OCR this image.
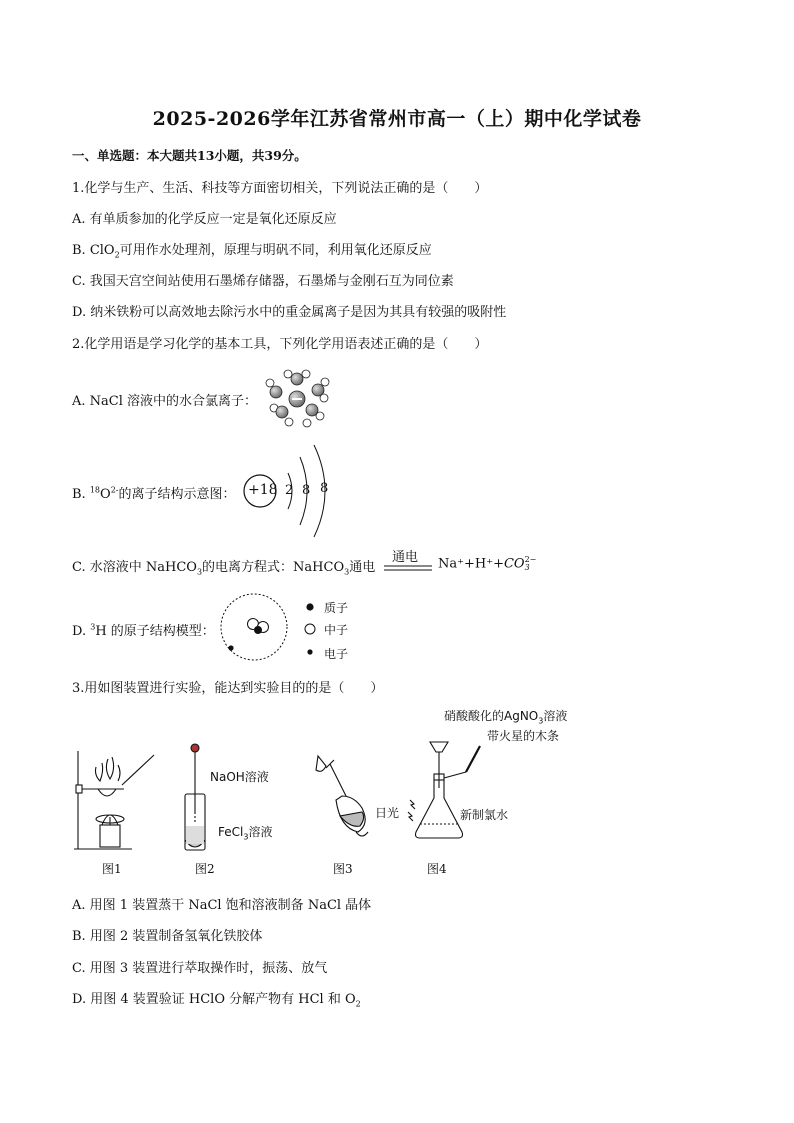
2025-2026学年江苏省常州市高一（上）期中化学试卷
一、单选题：本大题共13小题，共39分。
1.化学与生产、生活、科技等方面密切相关，下列说法正确的是（　　）
A. 有单质参加的化学反应一定是氧化还原反应
B. ClO$_2$可用作水处理剂，原理与明矾不同，利用氧化还原反应
C. 我国天宫空间站使用石墨烯存储器，石墨烯与金刚石互为同位素
D. 纳米铁粉可以高效地去除污水中的重金属离子是因为其具有较强的吸附性
2.化学用语是学习化学的基本工具，下列化学用语表述正确的是（　　）
A. NaCl 溶液中的水合氯离子：
B. $^{18}O^{2-}$的离子结构示意图： +18 2 8 8
C. 水溶液中 NaHCO$_3$的电离方程式：NaHCO$_3$通电
通电 Na⁺+H⁺+CO 2−
3
D. $^3$H 的原子结构模型：
质子
中子
电子
3.用如图装置进行实验，能达到实验目的的是（　　）
图1
NaOH溶液
FeCl$_3$溶液
图2	图3
硝酸酸化的AgNO$_3$溶液
带火星的木条
日光	新制氯水
图4
A. 用图 1 装置蒸干 NaCl 饱和溶液制备 NaCl 晶体
B. 用图 2 装置制备氢氧化铁胶体
C. 用图 3 装置进行萃取操作时，振荡、放气
D. 用图 4 装置验证 HClO 分解产物有 HCl 和 $O_2$
